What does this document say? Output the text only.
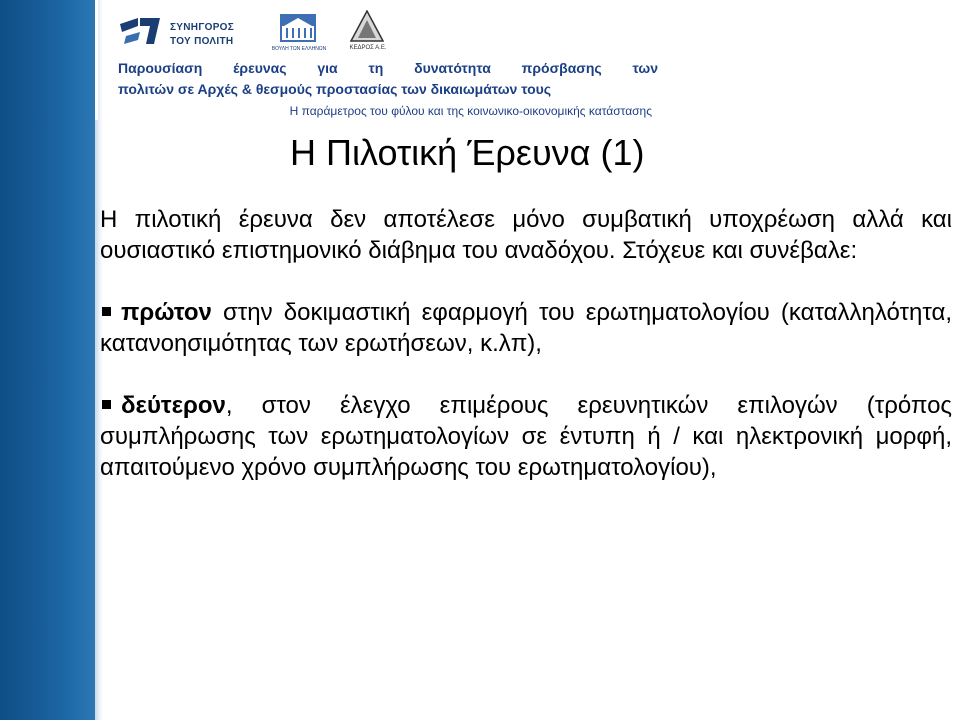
ΣΥΝΗΓΟΡΟΣ
ΤΟΥ ΠΟΛΙΤΗ
ΒΟΥΛΗ ΤΩΝ ΕΛΛΗΝΩΝ	ΚΕΔΡΟΣ Α.Ε.
Παρουσίαση έρευνας για τη δυνατότητα πρόσβασης των
πολιτών σε Αρχές & θεσμούς προστασίας των δικαιωμάτων τους
Η παράμετρος του φύλου και της κοινωνικο-οικονομικής κατάστασης
Η Πιλοτική Έρευνα (1)

Η πιλοτική έρευνα δεν αποτέλεσε μόνο συμβατική υποχρέωση αλλά και ουσιαστικό επιστημονικό διάβημα του αναδόχου. Στόχευε και συνέβαλε:

πρώτον στην δοκιμαστική εφαρμογή του ερωτηματολογίου (καταλληλότητα, κατανοησιμότητας των ερωτήσεων, κ.λπ),

δεύτερον, στον έλεγχο επιμέρους ερευνητικών επιλογών (τρόπος συμπλήρωσης των ερωτηματολογίων σε έντυπη ή / και ηλεκτρονική μορφή, απαιτούμενο χρόνο συμπλήρωσης του ερωτηματολογίου),
